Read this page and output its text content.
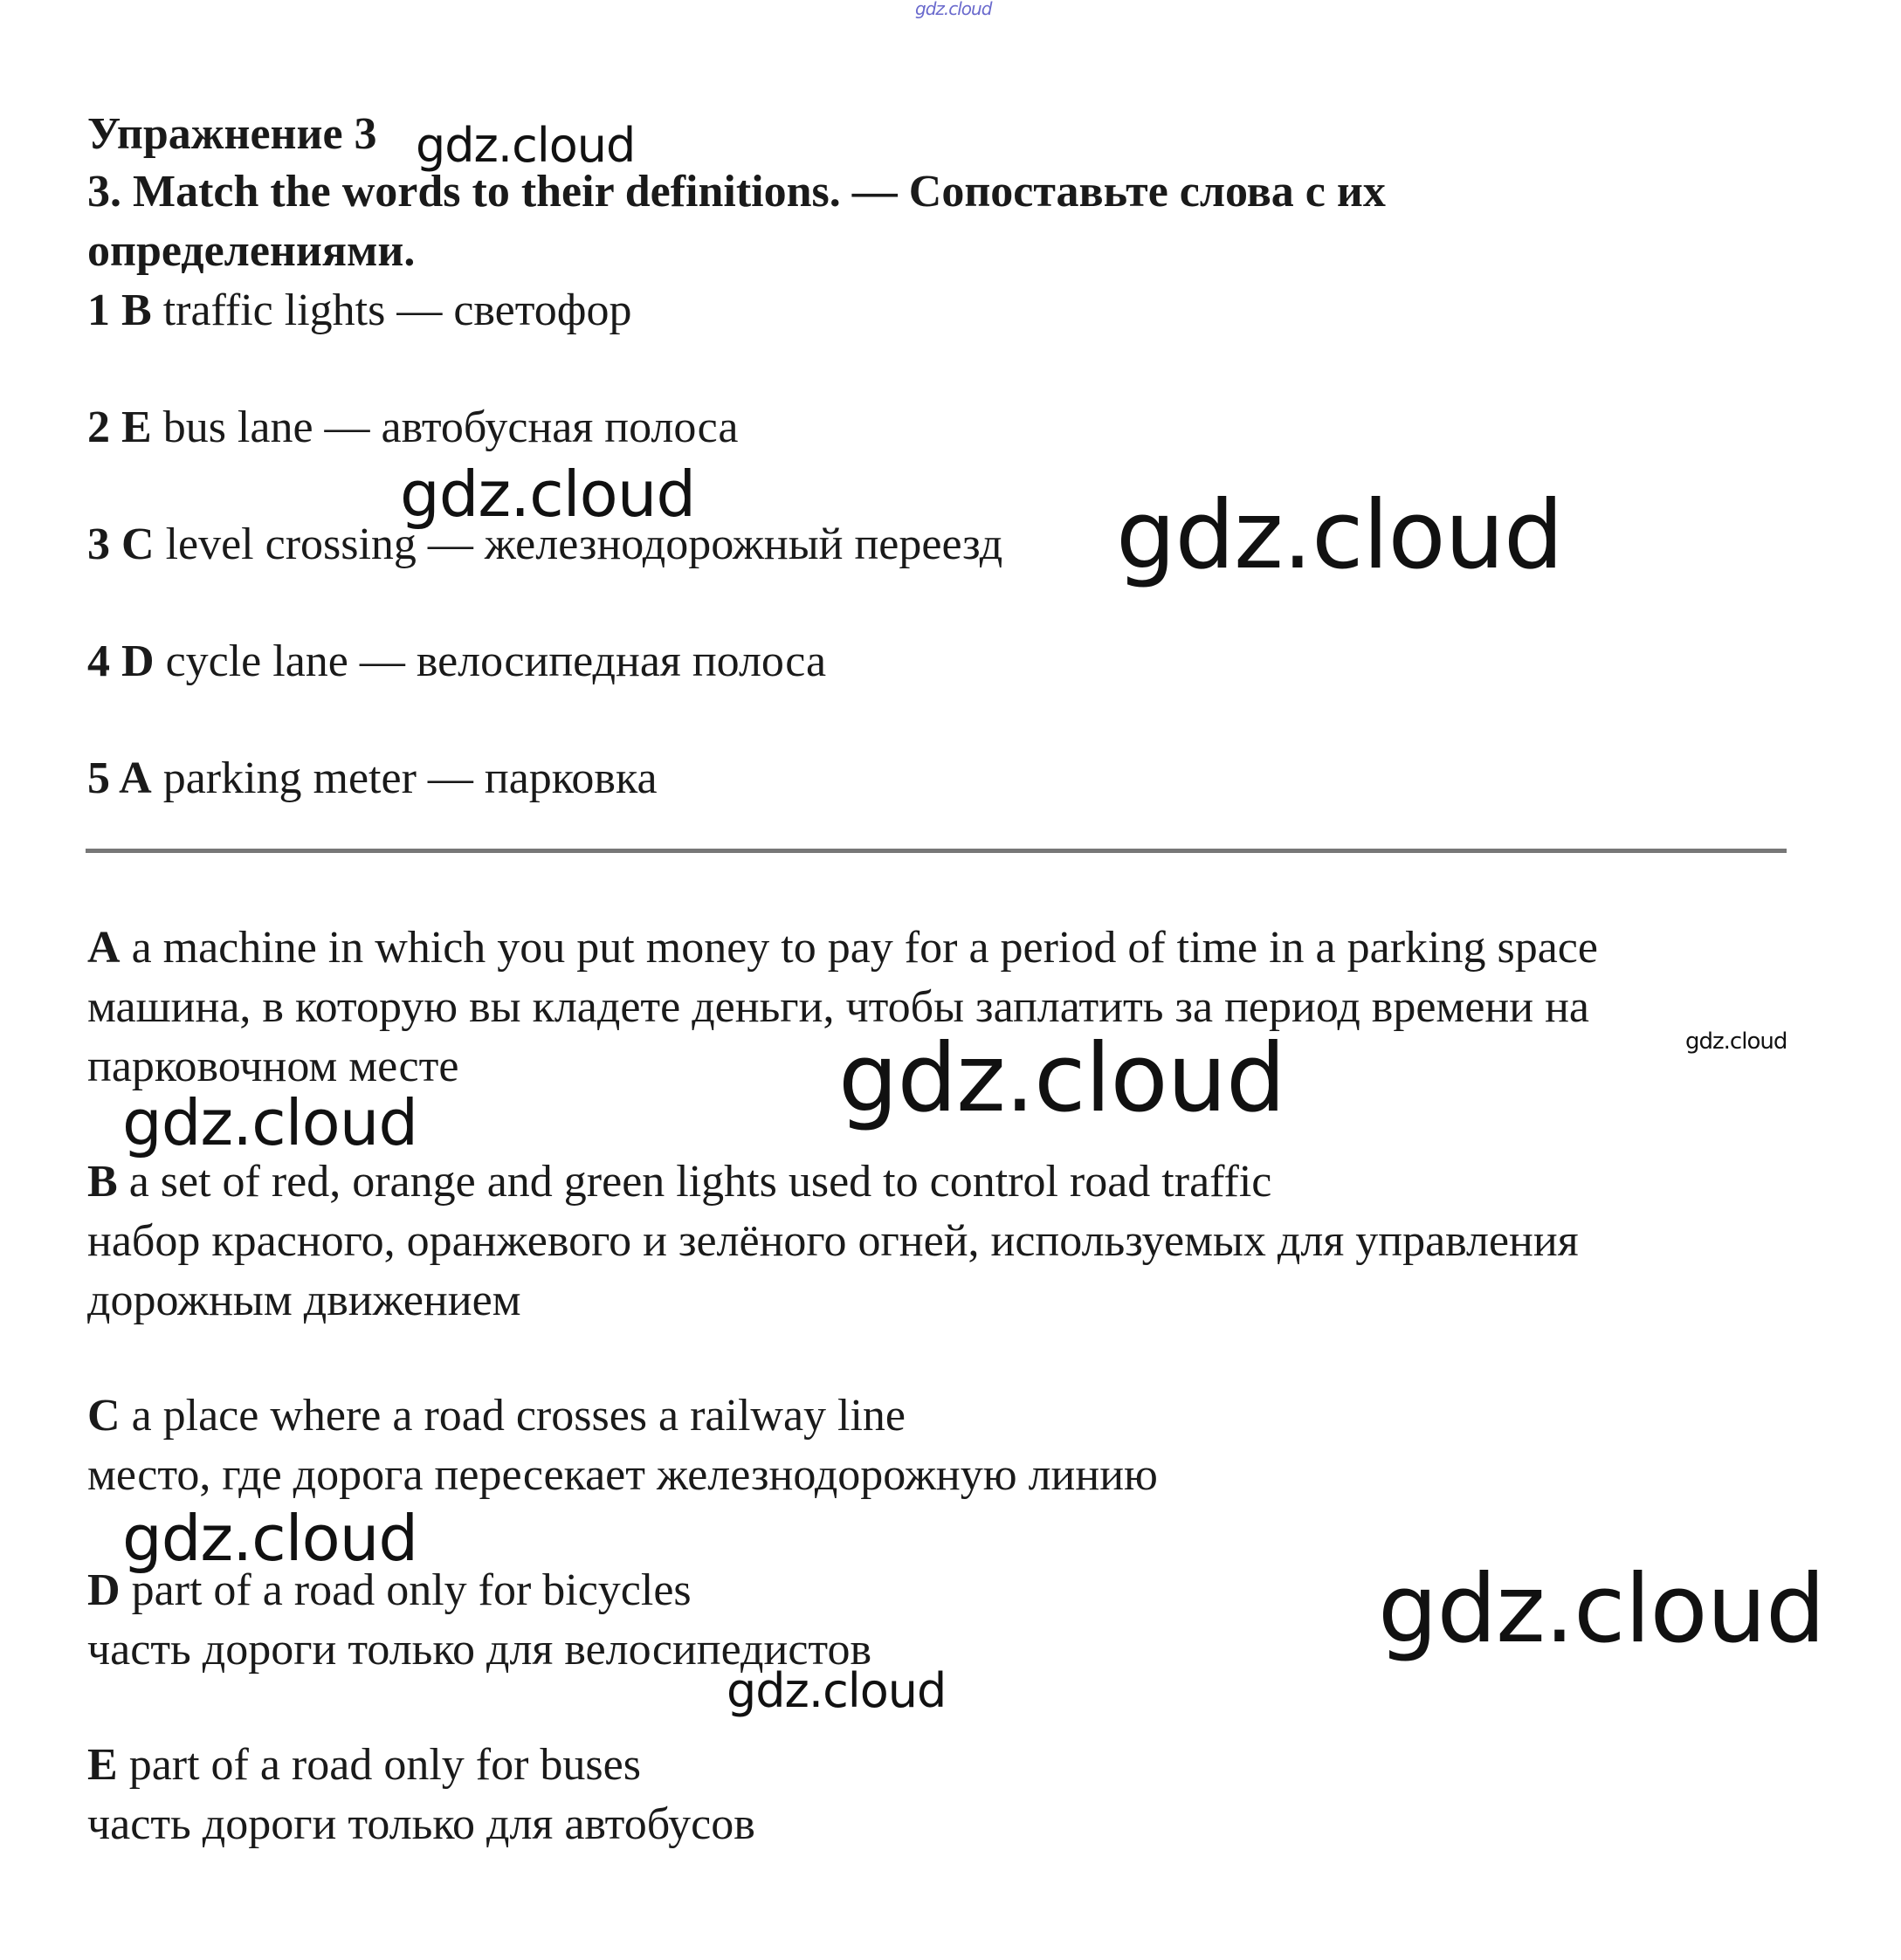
gdz.cloud
Упражнение 3 gdz.cloud
3. Match the words to their definitions. — Сопоставьте слова с их
определениями.
1 B traffic lights — светофор
2 E bus lane — автобусная полоса
gdz.cloud
3 C level crossing — железнодорожный переезд gdz.cloud
4 D cycle lane — велосипедная полоса
5 A parking meter — парковка
A a machine in which you put money to pay for a period of time in a parking space
машина, в которую вы кладете деньги, чтобы заплатить за период времени на
gdz.cloud
парковочном месте	gdz.cloud
gdz.cloud
B a set of red, orange and green lights used to control road traffic
набор красного, оранжевого и зелёного огней, используемых для управления
дорожным движением
C a place where a road crosses a railway line
место, где дорога пересекает железнодорожную линию
gdz.cloud
D part of a road only for bicycles	gdz.cloud
часть дороги только для велосипедистов
gdz.cloud
E part of a road only for buses
часть дороги только для автобусов
